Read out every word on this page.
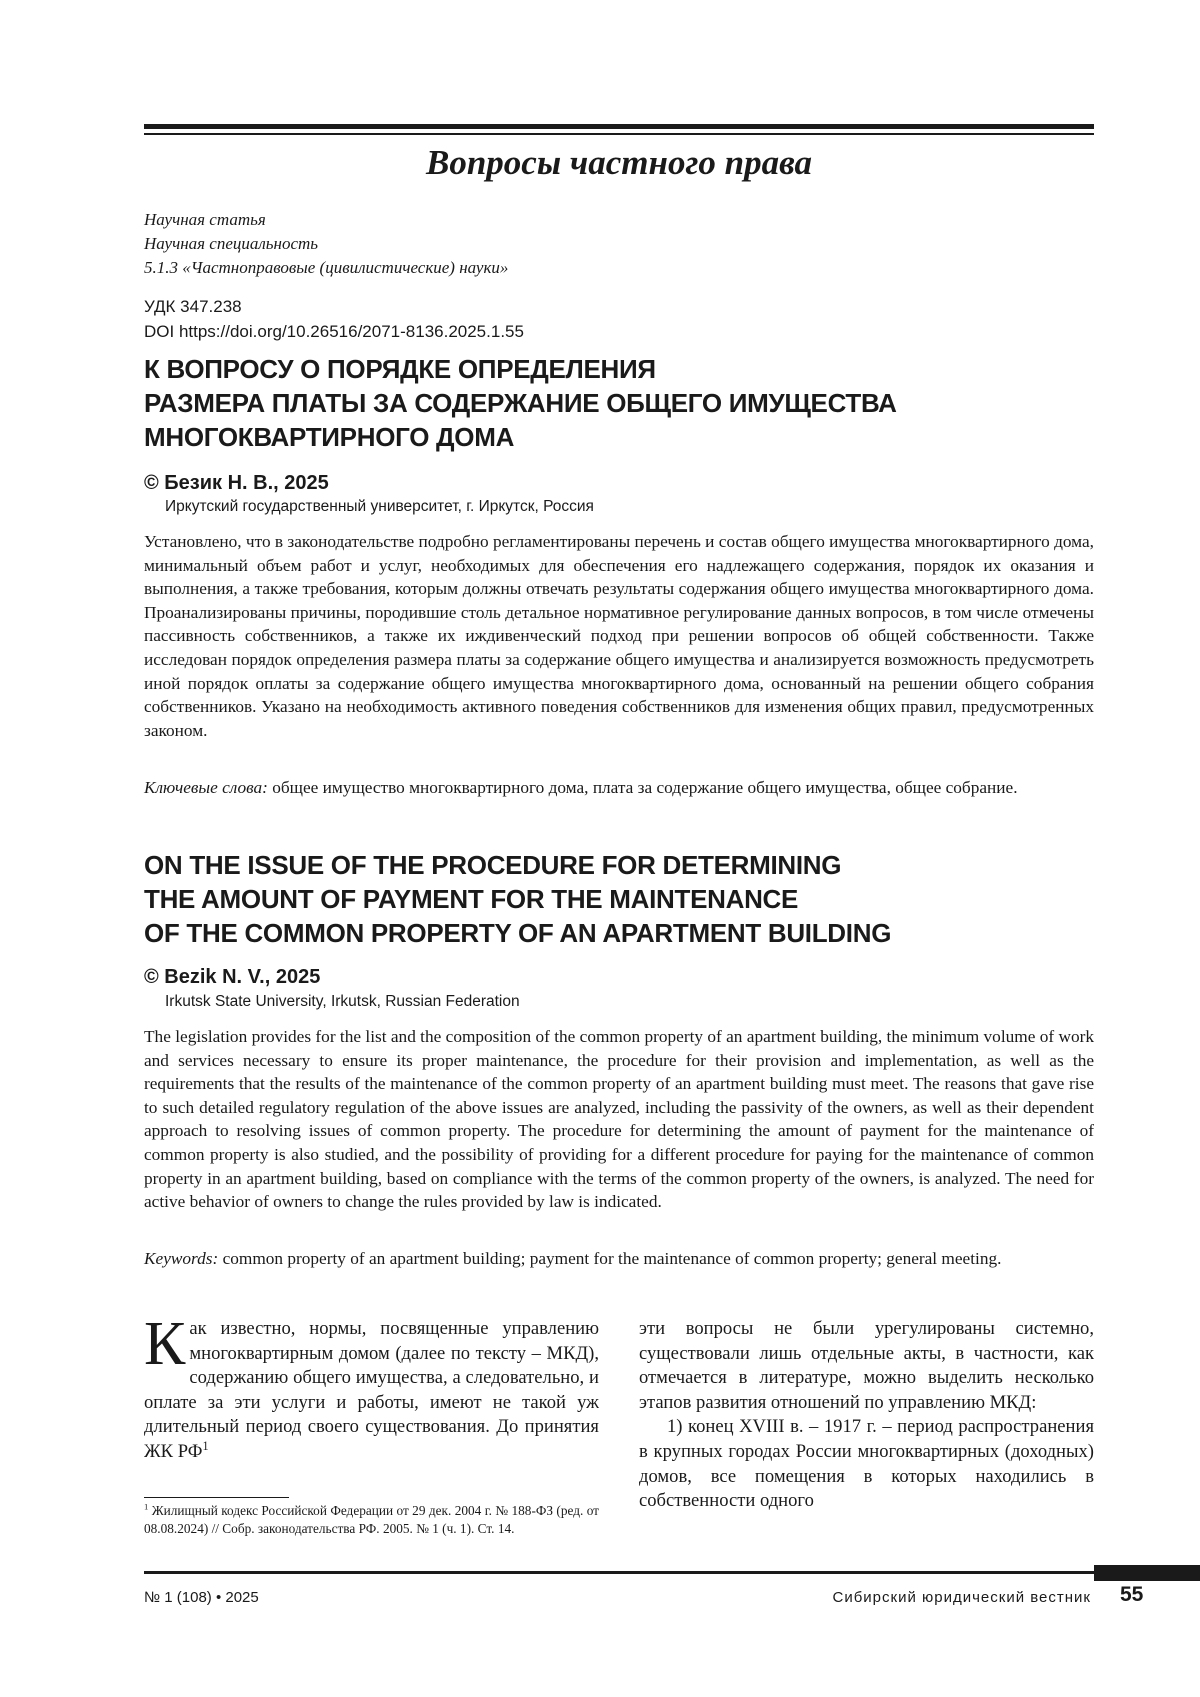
Вопросы частного права
Научная статья
Научная специальность
5.1.3 «Частноправовые (цивилистические) науки»
УДК 347.238
DOI https://doi.org/10.26516/2071-8136.2025.1.55
К ВОПРОСУ О ПОРЯДКЕ ОПРЕДЕЛЕНИЯ
РАЗМЕРА ПЛАТЫ ЗА СОДЕРЖАНИЕ ОБЩЕГО ИМУЩЕСТВА
МНОГОКВАРТИРНОГО ДОМА
© Безик Н. В., 2025
Иркутский государственный университет, г. Иркутск, Россия
Установлено, что в законодательстве подробно регламентированы перечень и состав общего имущества многоквартирного дома, минимальный объем работ и услуг, необходимых для обеспечения его надлежащего содержания, порядок их оказания и выполнения, а также требования, которым должны отвечать результаты содержания общего имущества многоквартирного дома. Проанализированы причины, породившие столь детальное нормативное регулирование данных вопросов, в том числе отмечены пассивность собственников, а также их иждивенческий подход при решении вопросов об общей собственности. Также исследован порядок определения размера платы за содержание общего имущества и анализируется возможность предусмотреть иной порядок оплаты за содержание общего имущества многоквартирного дома, основанный на решении общего собрания собственников. Указано на необходимость активного поведения собственников для изменения общих правил, предусмотренных законом.
Ключевые слова: общее имущество многоквартирного дома, плата за содержание общего имущества, общее собрание.
ON THE ISSUE OF THE PROCEDURE FOR DETERMINING
THE AMOUNT OF PAYMENT FOR THE MAINTENANCE
OF THE COMMON PROPERTY OF AN APARTMENT BUILDING
© Bezik N. V., 2025
Irkutsk State University, Irkutsk, Russian Federation
The legislation provides for the list and the composition of the common property of an apartment building, the minimum volume of work and services necessary to ensure its proper maintenance, the procedure for their provision and implementation, as well as the requirements that the results of the maintenance of the common property of an apartment building must meet. The reasons that gave rise to such detailed regulatory regulation of the above issues are analyzed, including the passivity of the owners, as well as their dependent approach to resolving issues of common property. The procedure for determining the amount of payment for the maintenance of common property is also studied, and the possibility of providing for a different procedure for paying for the maintenance of common property in an apartment building, based on compliance with the terms of the common property of the owners, is analyzed. The need for active behavior of owners to change the rules provided by law is indicated.
Keywords: common property of an apartment building; payment for the maintenance of common property; general meeting.
Как известно, нормы, посвященные управлению многоквартирным домом (далее по тексту – МКД), содержанию общего имущества, а следовательно, и оплате за эти услуги и работы, имеют не такой уж длительный период своего существования. До принятия ЖК $РФ^1$
эти вопросы не были урегулированы системно, существовали лишь отдельные акты, в частности, как отмечается в литературе, можно выделить несколько этапов развития отношений по управлению МКД:
1) конец XVIII в. – 1917 г. – период распространения в крупных городах России многоквартирных (доходных) домов, все помещения в которых находились в собственности одного
$^1$ Жилищный кодекс Российской Федерации от 29 дек. 2004 г. № 188-ФЗ (ред. от 08.08.2024) // Собр. законодательства РФ. 2005. № 1 (ч. 1). Ст. 14.
№ 1 (108) • 2025	Сибирский юридический вестник 55
